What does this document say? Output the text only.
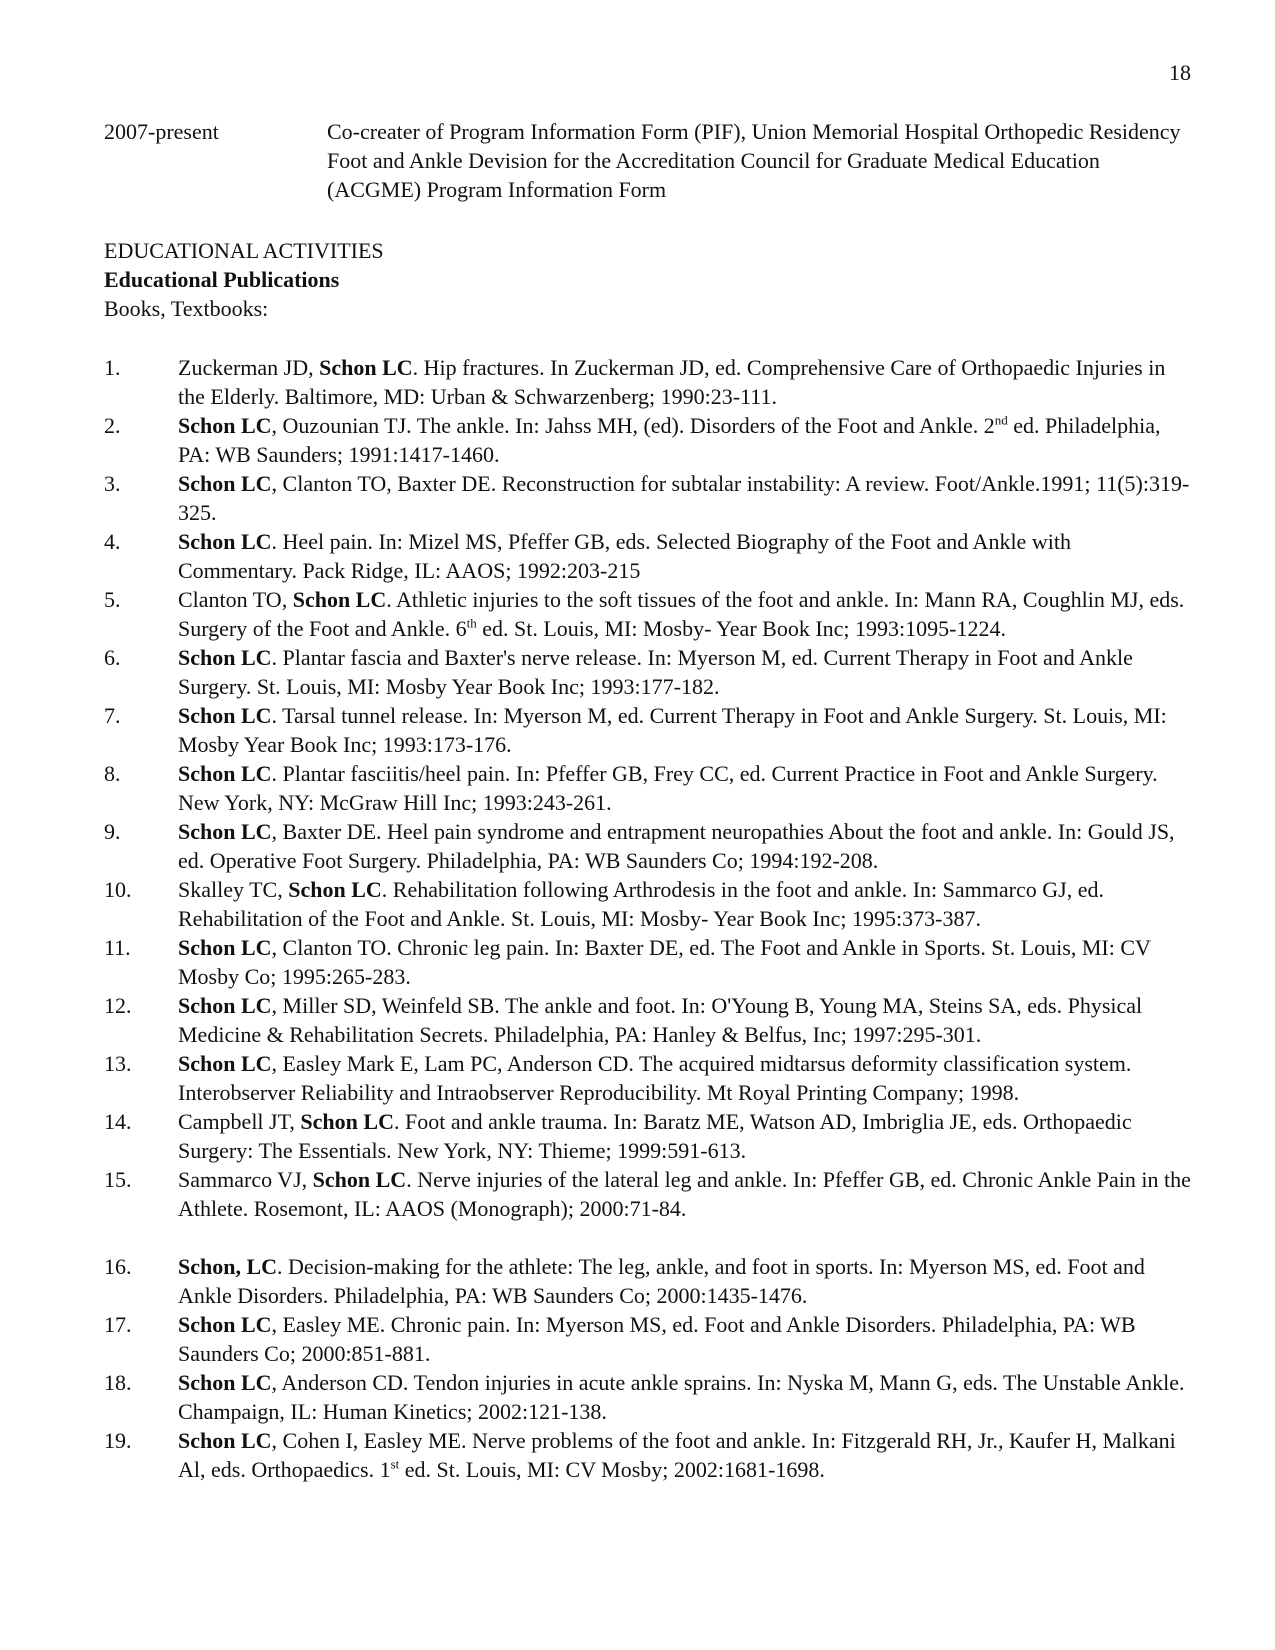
18
2007-present	Co-creater of Program Information Form (PIF), Union Memorial Hospital Orthopedic Residency Foot and Ankle Devision for the Accreditation Council for Graduate Medical Education (ACGME) Program Information Form
EDUCATIONAL ACTIVITIES
Educational Publications
Books, Textbooks:
1.	Zuckerman JD, Schon LC. Hip fractures. In Zuckerman JD, ed. Comprehensive Care of Orthopaedic Injuries in the Elderly. Baltimore, MD: Urban & Schwarzenberg; 1990:23-111.
2.	Schon LC, Ouzounian TJ. The ankle. In: Jahss MH, (ed). Disorders of the Foot and Ankle. 2nd ed. Philadelphia, PA: WB Saunders; 1991:1417-1460.
3.	Schon LC, Clanton TO, Baxter DE. Reconstruction for subtalar instability: A review. Foot/Ankle.1991; 11(5):319-325.
4.	Schon LC. Heel pain. In: Mizel MS, Pfeffer GB, eds. Selected Biography of the Foot and Ankle with Commentary. Pack Ridge, IL: AAOS; 1992:203-215
5.	Clanton TO, Schon LC. Athletic injuries to the soft tissues of the foot and ankle. In: Mann RA, Coughlin MJ, eds. Surgery of the Foot and Ankle. 6th ed. St. Louis, MI: Mosby- Year Book Inc; 1993:1095-1224.
6.	Schon LC. Plantar fascia and Baxter's nerve release. In: Myerson M, ed. Current Therapy in Foot and Ankle Surgery. St. Louis, MI: Mosby Year Book Inc; 1993:177-182.
7.	Schon LC. Tarsal tunnel release. In: Myerson M, ed. Current Therapy in Foot and Ankle Surgery. St. Louis, MI: Mosby Year Book Inc; 1993:173-176.
8.	Schon LC. Plantar fasciitis/heel pain. In: Pfeffer GB, Frey CC, ed. Current Practice in Foot and Ankle Surgery. New York, NY: McGraw Hill Inc; 1993:243-261.
9.	Schon LC, Baxter DE. Heel pain syndrome and entrapment neuropathies About the foot and ankle. In: Gould JS, ed. Operative Foot Surgery. Philadelphia, PA: WB Saunders Co; 1994:192-208.
10. Skalley TC, Schon LC. Rehabilitation following Arthrodesis in the foot and ankle. In: Sammarco GJ, ed. Rehabilitation of the Foot and Ankle. St. Louis, MI: Mosby- Year Book Inc; 1995:373-387.
11. Schon LC, Clanton TO. Chronic leg pain. In: Baxter DE, ed. The Foot and Ankle in Sports. St. Louis, MI: CV Mosby Co; 1995:265-283.
12. Schon LC, Miller SD, Weinfeld SB. The ankle and foot. In: O'Young B, Young MA, Steins SA, eds. Physical Medicine & Rehabilitation Secrets. Philadelphia, PA: Hanley & Belfus, Inc; 1997:295-301.
13. Schon LC, Easley Mark E, Lam PC, Anderson CD. The acquired midtarsus deformity classification system. Interobserver Reliability and Intraobserver Reproducibility. Mt Royal Printing Company; 1998.
14. Campbell JT, Schon LC. Foot and ankle trauma. In: Baratz ME, Watson AD, Imbriglia JE, eds. Orthopaedic Surgery: The Essentials. New York, NY: Thieme; 1999:591-613.
15. Sammarco VJ, Schon LC. Nerve injuries of the lateral leg and ankle. In: Pfeffer GB, ed. Chronic Ankle Pain in the Athlete. Rosemont, IL: AAOS (Monograph); 2000:71-84.
16. Schon, LC. Decision-making for the athlete: The leg, ankle, and foot in sports. In: Myerson MS, ed. Foot and Ankle Disorders. Philadelphia, PA: WB Saunders Co; 2000:1435-1476.
17. Schon LC, Easley ME. Chronic pain. In: Myerson MS, ed. Foot and Ankle Disorders. Philadelphia, PA: WB Saunders Co; 2000:851-881.
18. Schon LC, Anderson CD. Tendon injuries in acute ankle sprains. In: Nyska M, Mann G, eds. The Unstable Ankle. Champaign, IL: Human Kinetics; 2002:121-138.
19. Schon LC, Cohen I, Easley ME. Nerve problems of the foot and ankle. In: Fitzgerald RH, Jr., Kaufer H, Malkani Al, eds. Orthopaedics. 1st ed. St. Louis, MI: CV Mosby; 2002:1681-1698.
